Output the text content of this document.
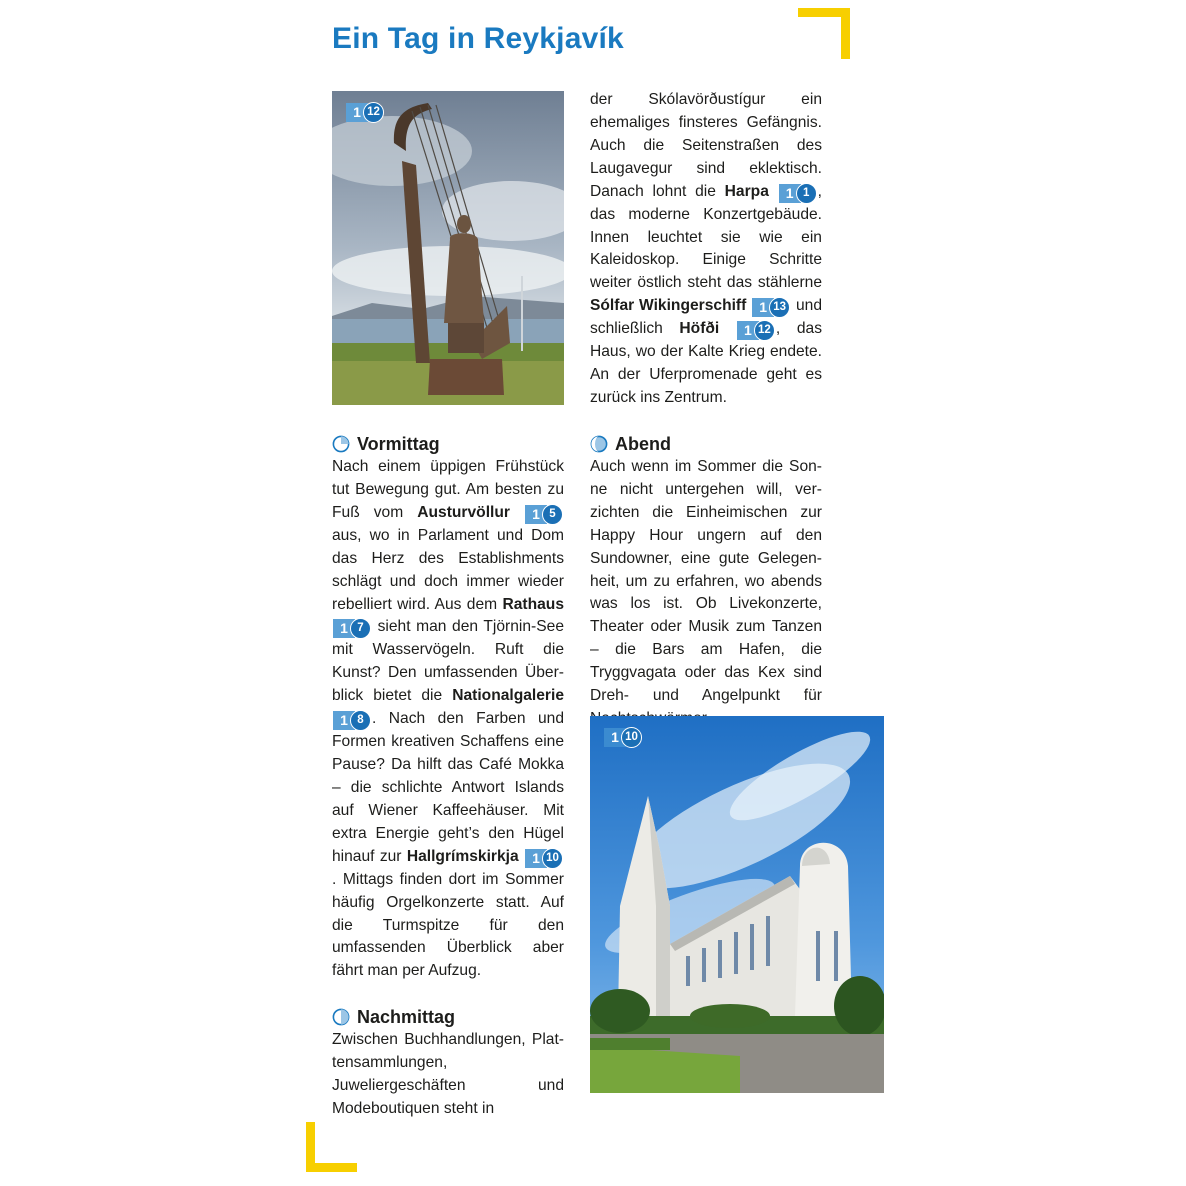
Ein Tag in Reykjavík
1 12
Vormittag

Nach einem üppigen Frühstück tut Bewegung gut. Am besten zu Fuß vom Austurvöllur	1 5
aus, wo in Parlament und Dom das Herz des Establishments schlägt und doch immer wieder rebelliert wird. Aus dem Rathaus
1 7 sieht man den Tjörnin-See mit Wasservögeln. Ruft die Kunst? Den umfassenden Überblick bietet die Nationalgalerie
1 8 . Nach den Farben und Formen kreativen Schaffens eine Pause? Da hilft das Café Mokka – die schlichte Antwort Islands auf Wiener Kaffeehäuser. Mit extra Energie geht’s den Hügel hinauf zur Hallgrímskirkja 1 10
. Mittags finden dort im Sommer häufig Orgelkonzerte statt. Auf die Turmspitze für den umfassenden Überblick aber fährt man per Aufzug.

Nachmittag

Zwischen Buchhandlungen, Plattensammlungen, Juweliergeschäften und Modeboutiquen steht in

der Skólavörðustígur ein ehemaliges finsteres Gefängnis. Auch die Seitenstraßen des Laugavegur sind eklektisch. Danach lohnt die Harpa	1 1 , das moderne Konzertgebäude. Innen leuchtet sie wie ein Kaleidoskop. Einige Schritte weiter östlich steht das stählerne Sólfar Wikingerschiff 1 13 und schließlich Höfði	1 12 , das Haus, wo der Kalte Krieg endete. An der Uferpromenade geht es zurück ins Zentrum.

Abend

Auch wenn im Sommer die Sonne nicht untergehen will, verzichten die Einheimischen zur Happy Hour ungern auf den Sundowner, eine gute Gelegenheit, um zu erfahren, wo abends was los ist. Ob Livekonzerte, Theater oder Musik zum Tanzen – die Bars am Hafen, die Tryggvagata oder das Kex sind Dreh- und Angelpunkt für

1 10
